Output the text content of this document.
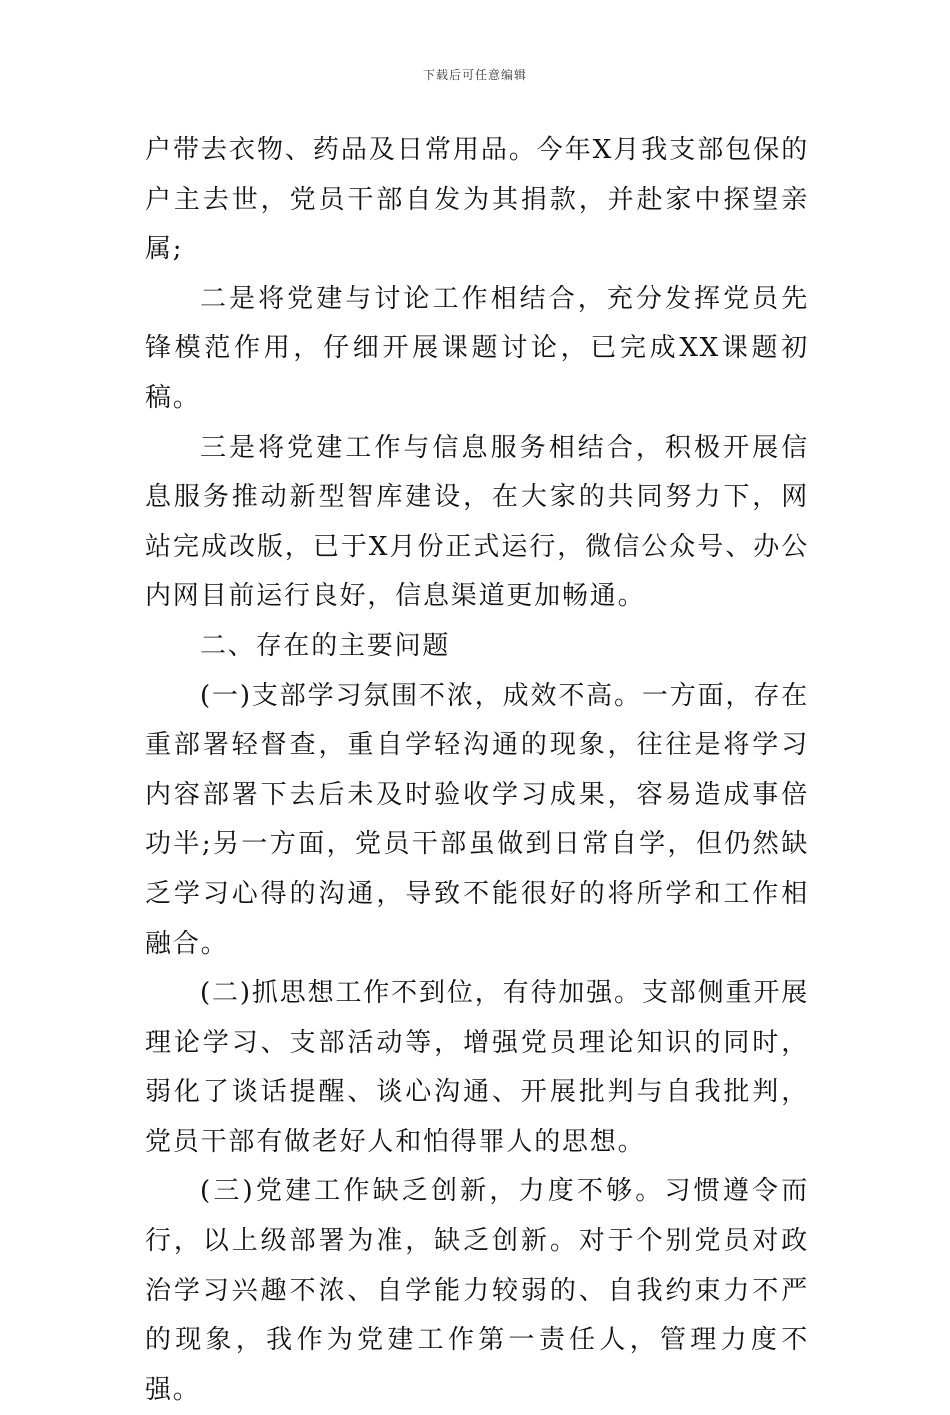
下载后可任意编辑

户带去衣物、药品及日常用品。今年X月我支部包保的户主去世，党员干部自发为其捐款，并赴家中探望亲属;

二是将党建与讨论工作相结合，充分发挥党员先锋模范作用，仔细开展课题讨论，已完成XX课题初稿。

三是将党建工作与信息服务相结合，积极开展信息服务推动新型智库建设，在大家的共同努力下，网站完成改版，已于X月份正式运行，微信公众号、办公内网目前运行良好，信息渠道更加畅通。

二、存在的主要问题

(一)支部学习氛围不浓，成效不高。一方面，存在重部署轻督查，重自学轻沟通的现象，往往是将学习内容部署下去后未及时验收学习成果，容易造成事倍功半;另一方面，党员干部虽做到日常自学，但仍然缺乏学习心得的沟通，导致不能很好的将所学和工作相融合。

(二)抓思想工作不到位，有待加强。支部侧重开展理论学习、支部活动等，增强党员理论知识的同时，弱化了谈话提醒、谈心沟通、开展批判与自我批判，党员干部有做老好人和怕得罪人的思想。

(三)党建工作缺乏创新，力度不够。习惯遵令而行，以上级部署为准，缺乏创新。对于个别党员对政治学习兴趣不浓、自学能力较弱的、自我约束力不严的现象，我作为党建工作第一责任人，管理力度不强。
